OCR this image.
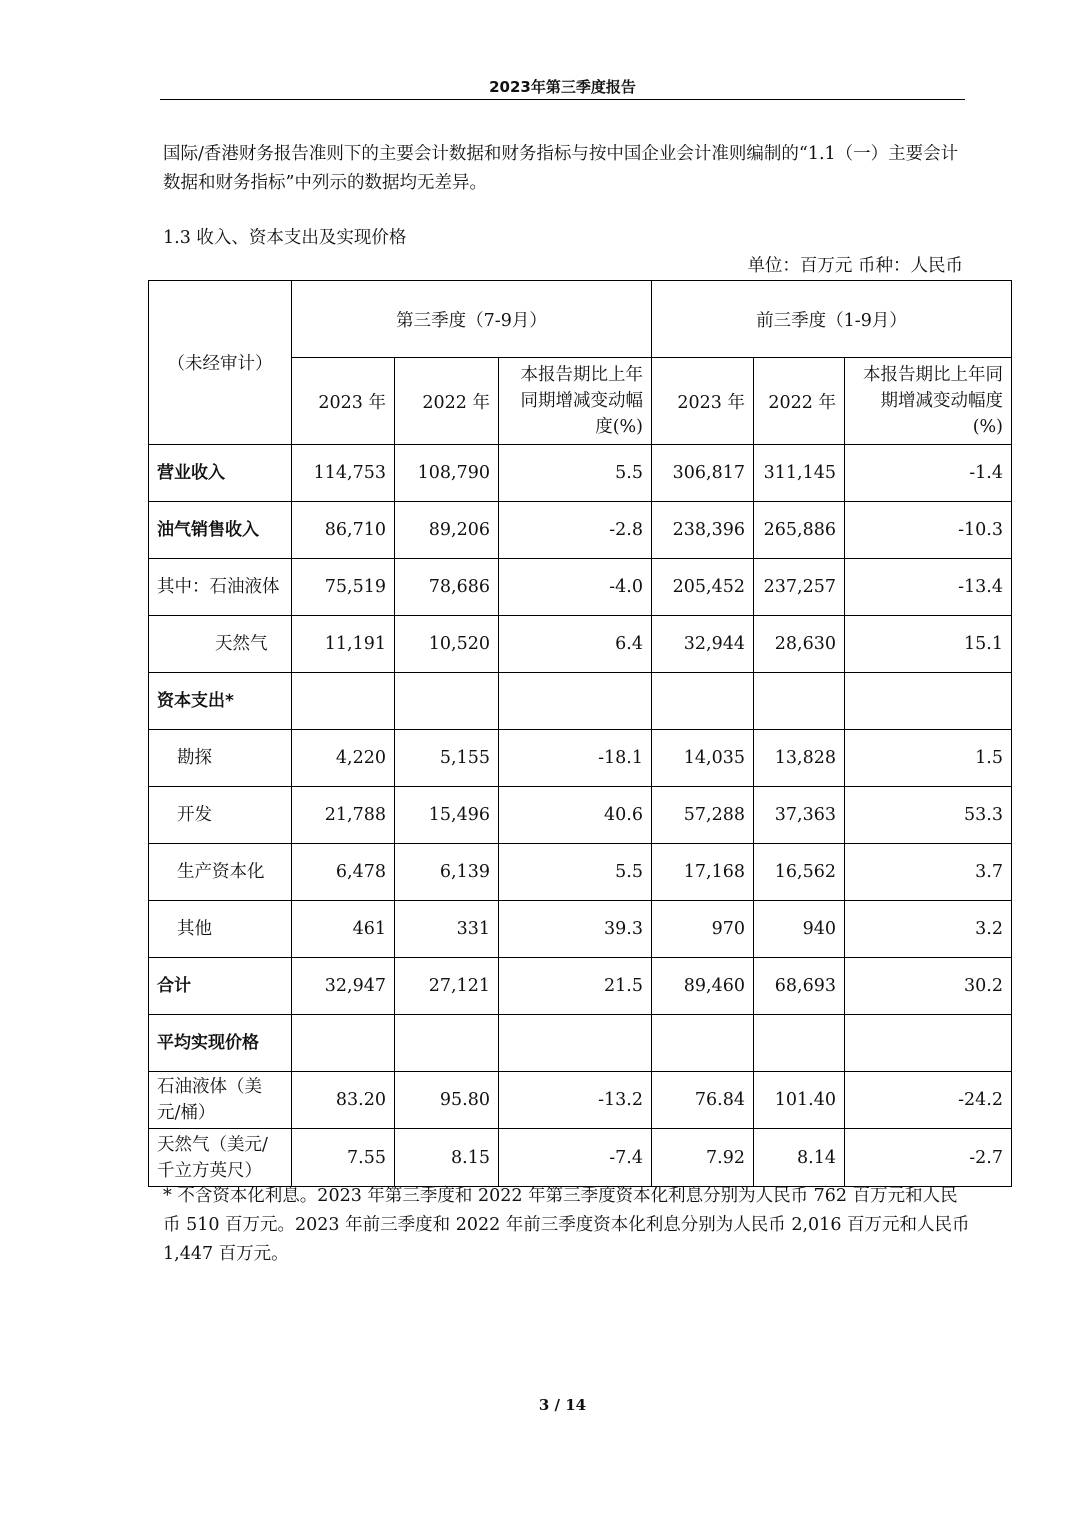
2023年第三季度报告
国际/香港财务报告准则下的主要会计数据和财务指标与按中国企业会计准则编制的“1.1（一）主要会计数据和财务指标”中列示的数据均无差异。
1.3 收入、资本支出及实现价格
单位：百万元 币种：人民币
（未经审计）	第三季度（7-9月）			前三季度（1-9月）		
	2023 年	2022 年	本报告期比上年同期增减变动幅度(%)	2023 年	2022 年	本报告期比上年同期增减变动幅度(%)
营业收入	114,753	108,790	5.5	306,817	311,145	-1.4
油气销售收入	86,710	89,206	-2.8	238,396	265,886	-10.3
其中：石油液体	75,519	78,686	-4.0	205,452	237,257	-13.4
天然气	11,191	10,520	6.4	32,944	28,630	15.1
资本支出*						
勘探	4,220	5,155	-18.1	14,035	13,828	1.5
开发	21,788	15,496	40.6	57,288	37,363	53.3
生产资本化	6,478	6,139	5.5	17,168	16,562	3.7
其他	461	331	39.3	970	940	3.2
合计	32,947	27,121	21.5	89,460	68,693	30.2
平均实现价格						
石油液体（美元/桶）	83.20	95.80	-13.2	76.84	101.40	-24.2
天然气（美元/千立方英尺）	7.55	8.15	-7.4	7.92	8.14	-2.7
* 不含资本化利息。2023 年第三季度和 2022 年第三季度资本化利息分别为人民币 762 百万元和人民币 510 百万元。2023 年前三季度和 2022 年前三季度资本化利息分别为人民币 2,016 百万元和人民币 1,447 百万元。
3 / 14
